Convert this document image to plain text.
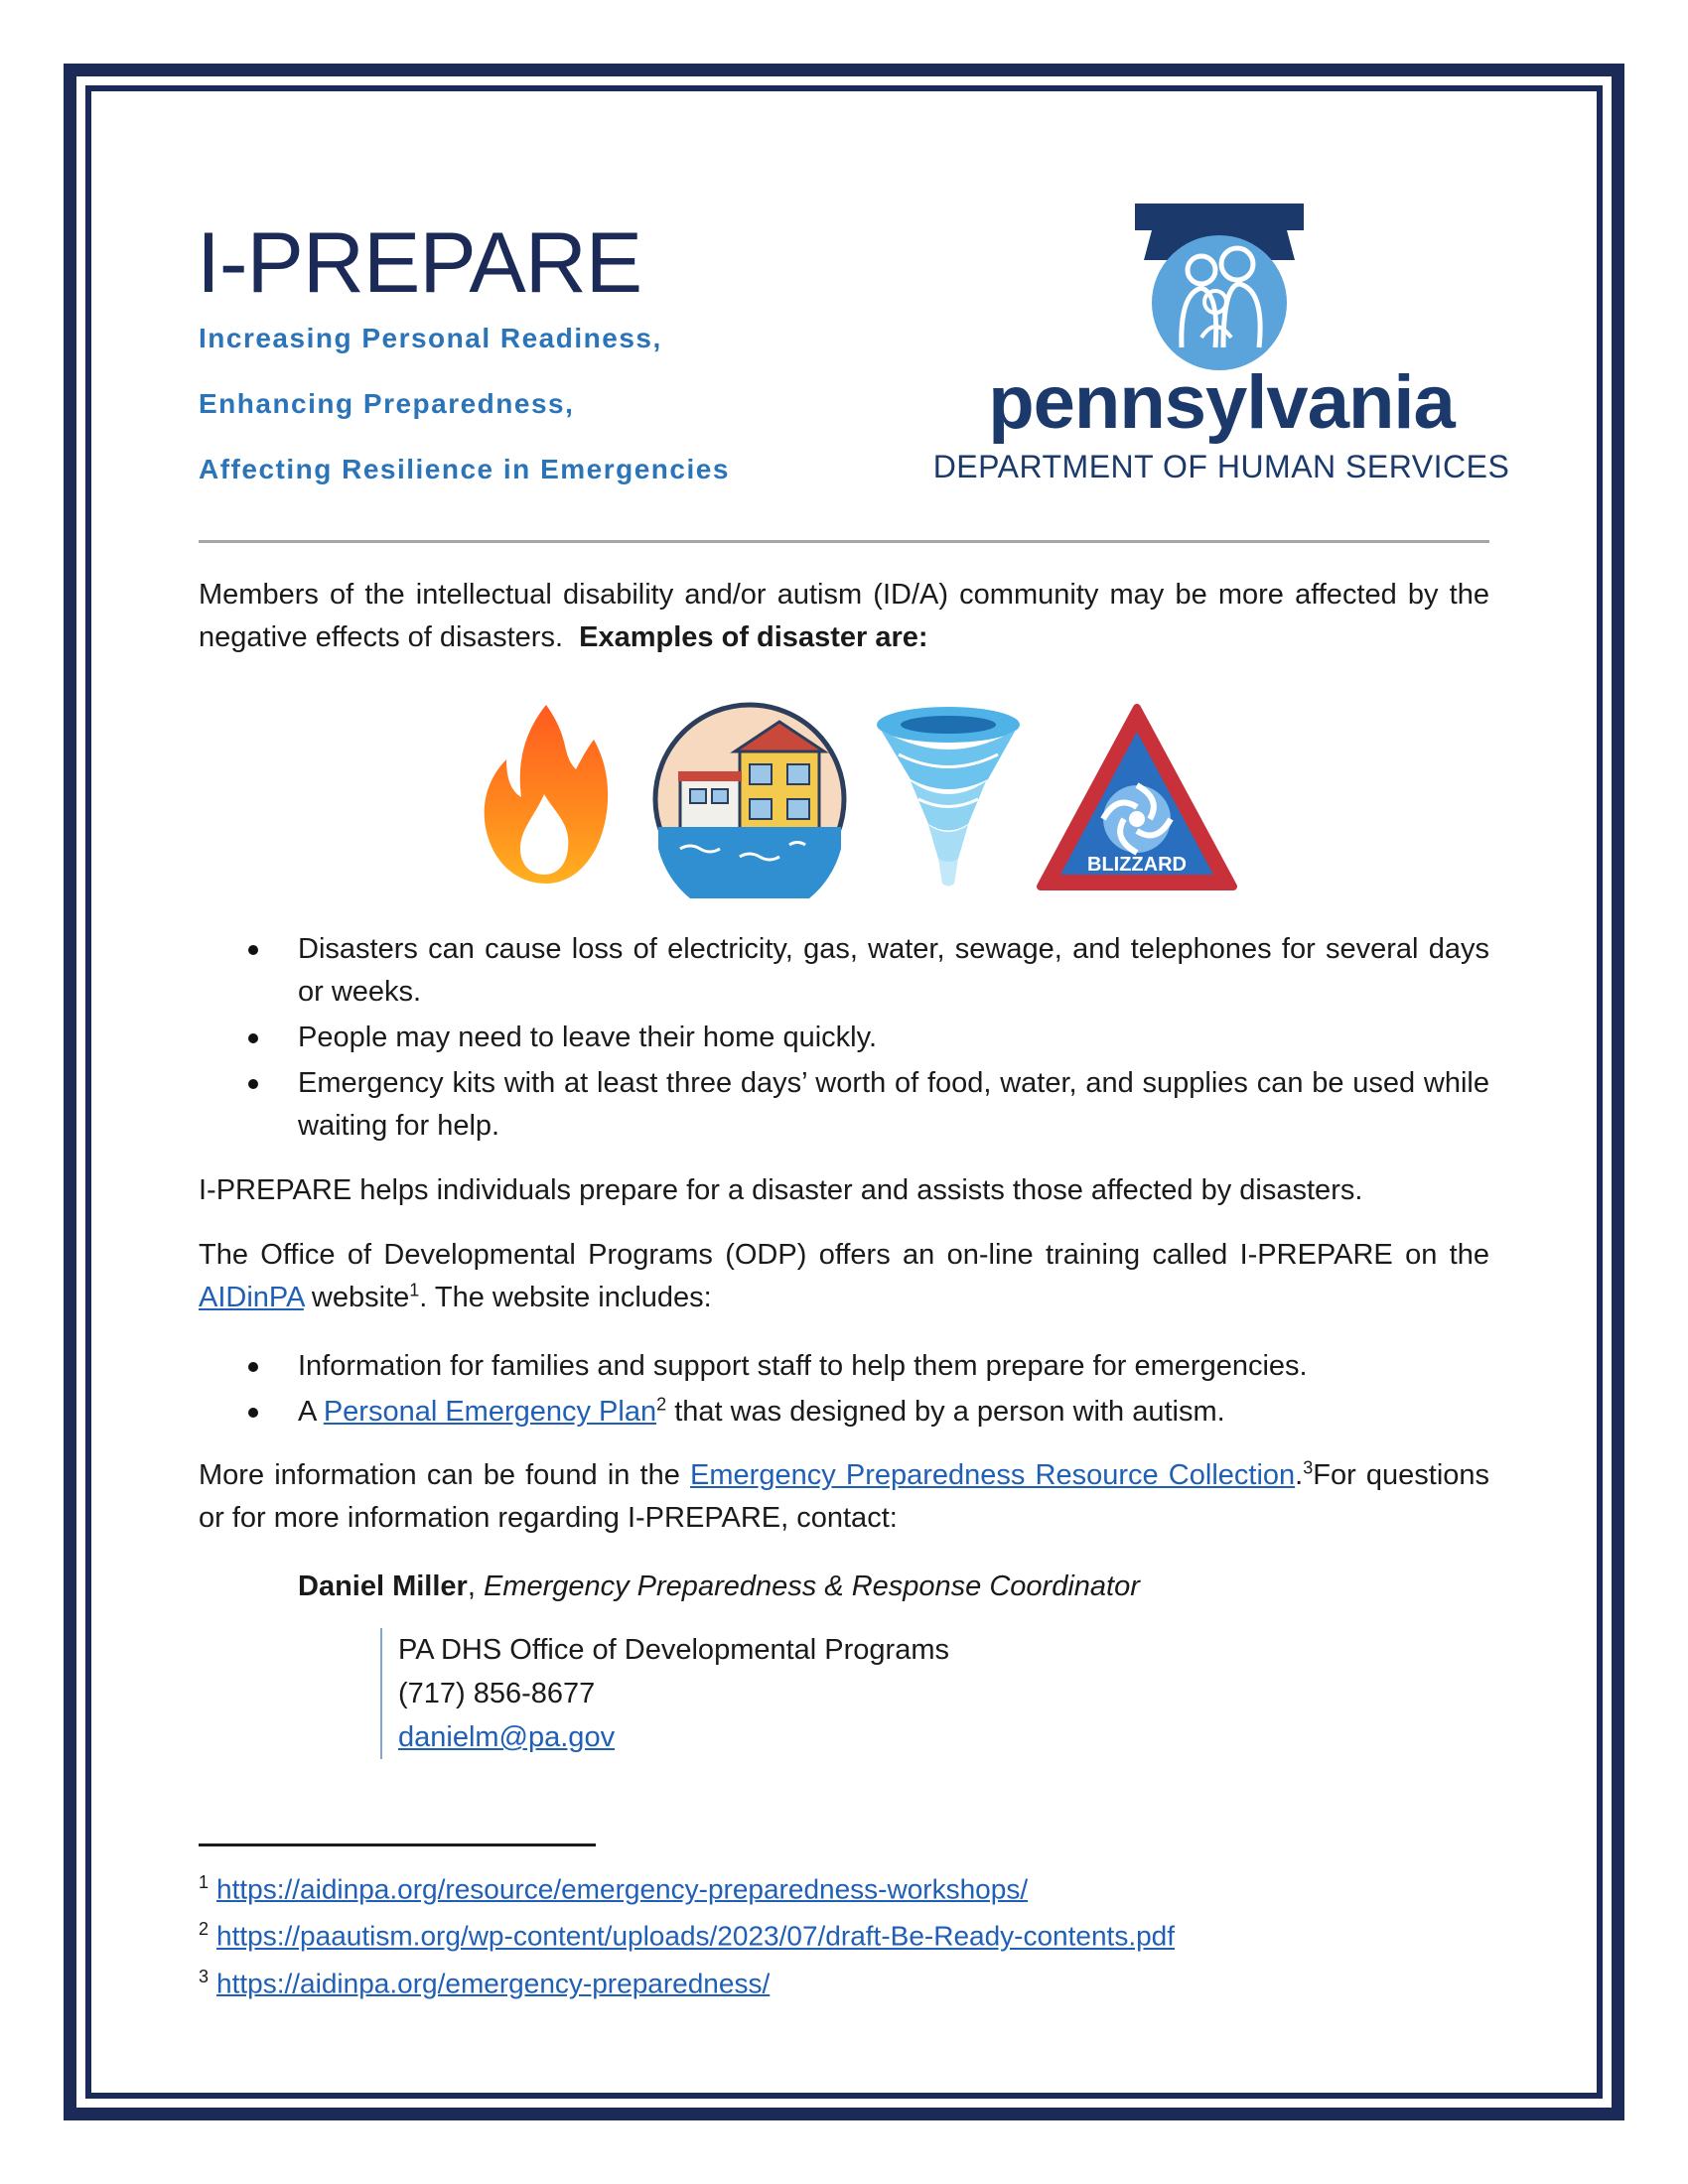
I-PREPARE

Increasing Personal Readiness,

Enhancing Preparedness,

Affecting Resilience in Emergencies

pennsylvania
DEPARTMENT OF HUMAN SERVICES

Members of the intellectual disability and/or autism (ID/A) community may be more affected by the negative effects of disasters. Examples of disaster are:

BLIZZARD
Disasters can cause loss of electricity, gas, water, sewage, and telephones for several days or weeks.
People may need to leave their home quickly.
Emergency kits with at least three days’ worth of food, water, and supplies can be used while waiting for help.

I-PREPARE helps individuals prepare for a disaster and assists those affected by disasters.

The Office of Developmental Programs (ODP) offers an on-line training called I-PREPARE on the AIDinPA website$^1$. The website includes:

Information for families and support staff to help them prepare for emergencies.
A Personal Emergency Plan$^2$ that was designed by a person with autism.

More information can be found in the Emergency Preparedness Resource Collection.$^3$For questions or for more information regarding I-PREPARE, contact:

Daniel Miller, Emergency Preparedness & Response Coordinator
PA DHS Office of Developmental Programs
(717) 856-8677
danielm@pa.gov
$^1$ https://aidinpa.org/resource/emergency-preparedness-workshops/
$^2$ https://paautism.org/wp-content/uploads/2023/07/draft-Be-Ready-contents.pdf
$^3$ https://aidinpa.org/emergency-preparedness/
